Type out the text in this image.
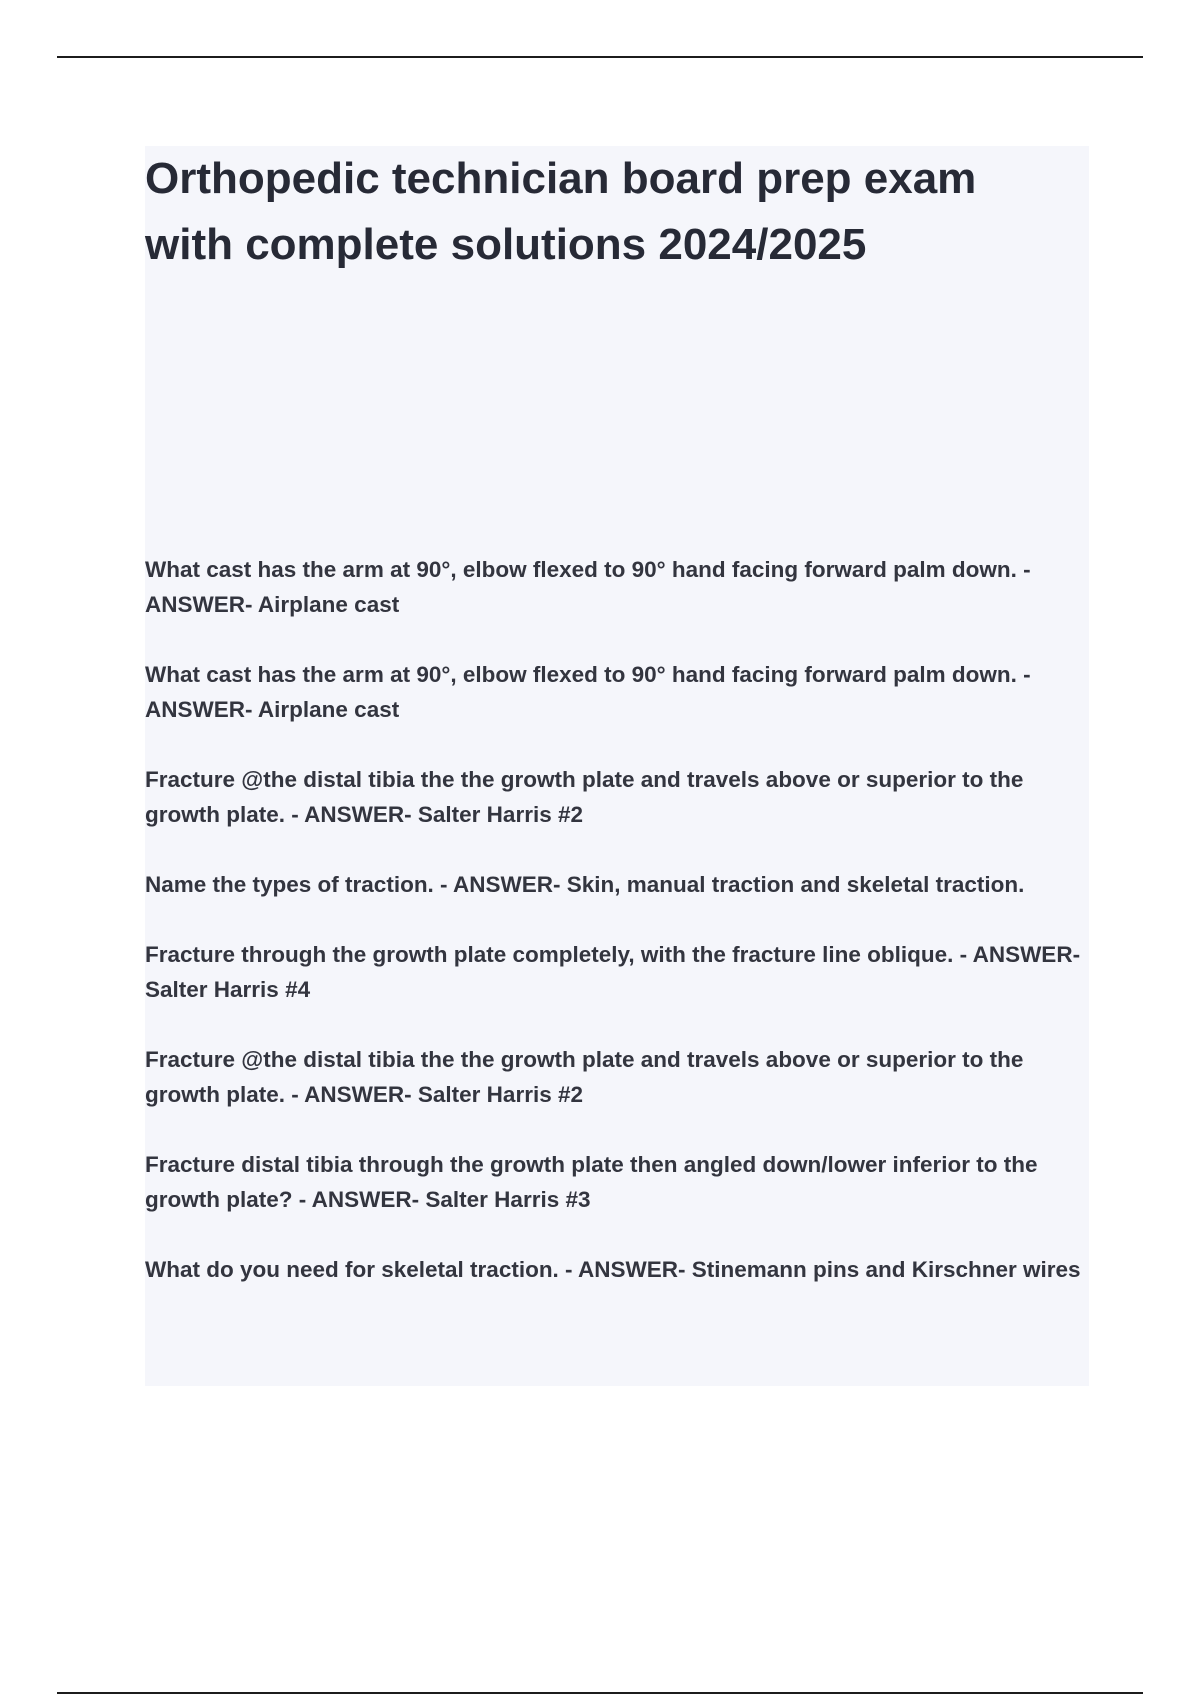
Orthopedic technician board prep exam
with complete solutions 2024/2025
What cast has the arm at 90°, elbow flexed to 90° hand facing forward palm down. - ANSWER- Airplane cast
What cast has the arm at 90°, elbow flexed to 90° hand facing forward palm down. - ANSWER- Airplane cast
Fracture @the distal tibia the the growth plate and travels above or superior to the growth plate. - ANSWER- Salter Harris #2
Name the types of traction. - ANSWER- Skin, manual traction and skeletal traction.
Fracture through the growth plate completely, with the fracture line oblique. - ANSWER- Salter Harris #4
Fracture @the distal tibia the the growth plate and travels above or superior to the growth plate. - ANSWER- Salter Harris #2
Fracture distal tibia through the growth plate then angled down/lower inferior to the growth plate? - ANSWER- Salter Harris #3
What do you need for skeletal traction. - ANSWER- Stinemann pins and Kirschner wires
